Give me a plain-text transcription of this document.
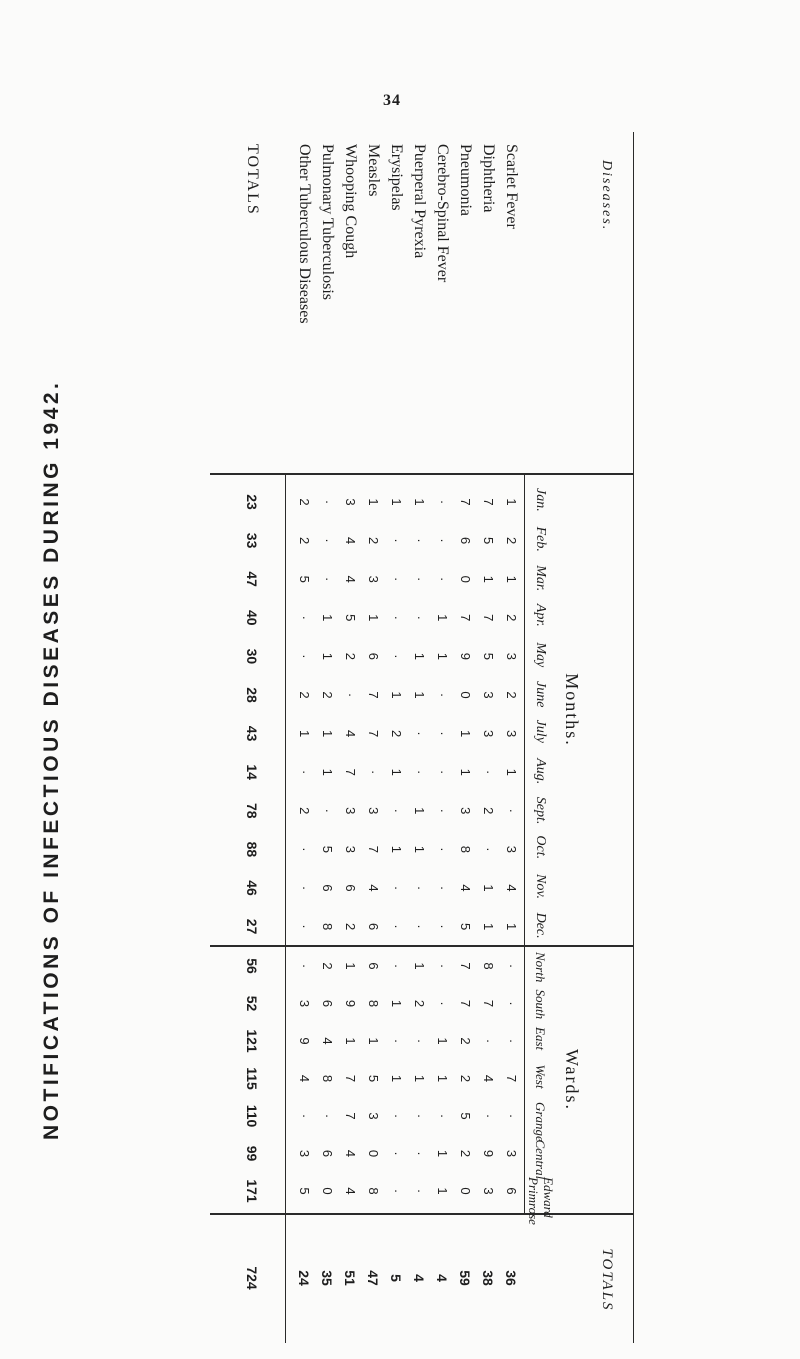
34
NOTIFICATIONS OF INFECTIOUS DISEASES DURING 1942.
Diseases.
Months.
Wards.
TOTALS
Jan.
Feb.
Mar.
Apr.
May
June
July
Aug.
Sept.
Oct.
Nov.
Dec.
North
South
East
West
Grange
Central
Edward Primrose
Scarlet Fever
1
2
1
2
3
2
3
1
·
3
4
1
·
·
·
7
·
3
6
36
Diphtheria
7
5
1
7
5
3
3
·
2
·
1
1
8
7
·
4
·
9
3
38
Pneumonia
7
6
0
7
9
0
1
1
3
8
4
5
7
7
2
2
5
2
0
59
Cerebro-Spinal Fever
·
·
·
1
1
·
·
·
·
·
·
·
·
·
1
1
·
1
1
4
Puerperal Pyrexia
1
·
·
·
1
1
·
·
1
1
·
·
1
2
·
1
·
·
·
4
Erysipelas
1
·
·
·
·
1
2
1
·
1
·
·
·
1
·
1
·
·
·
5
Measles
1
2
3
1
6
7
7
·
3
7
4
6
6
8
1
5
3
0
8
47
Whooping Cough
3
4
4
5
2
·
4
7
3
3
6
2
1
9
1
7
7
4
4
51
Pulmonary Tuberculosis
·
·
·
1
1
2
1
1
·
5
6
8
2
6
4
8
·
6
0
35
Other Tuberculous Diseases
2
2
5
·
·
2
1
·
2
·
·
·
·
3
9
4
·
3
5
24
TOTALS
23
33
47
40
30
28
43
14
78
88
46
27
56
52
121
115
110
99
171
724
